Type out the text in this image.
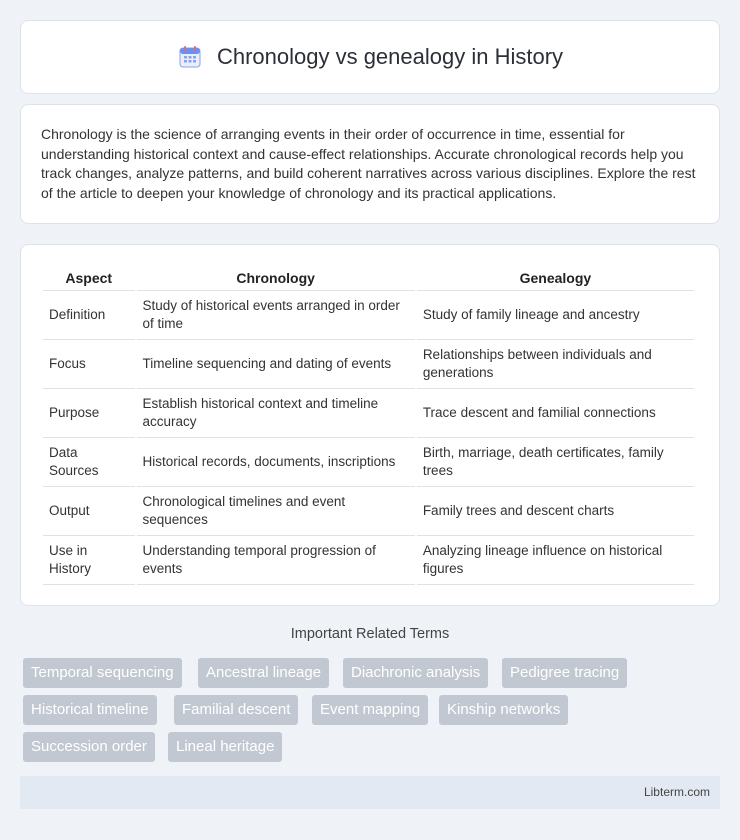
Chronology vs genealogy in History

Chronology is the science of arranging events in their order of occurrence in time, essential for understanding historical context and cause-effect relationships. Accurate chronological records help you track changes, analyze patterns, and build coherent narratives across various disciplines. Explore the rest of the article to deepen your knowledge of chronology and its practical applications.

Aspect	Chronology	Genealogy
Definition	Study of historical events arranged in order of time	Study of family lineage and ancestry
Focus	Timeline sequencing and dating of events	Relationships between individuals and generations
Purpose	Establish historical context and timeline accuracy	Trace descent and familial connections
Data Sources	Historical records, documents, inscriptions	Birth, marriage, death certificates, family trees
Output	Chronological timelines and event sequences	Family trees and descent charts
Use in History	Understanding temporal progression of events	Analyzing lineage influence on historical figures
Important Related Terms
Temporal sequencing	Ancestral lineage	Diachronic analysis	Pedigree tracing
Historical timeline	Familial descent	Event mapping	Kinship networks
Succession order	Lineal heritage
Libterm.com
